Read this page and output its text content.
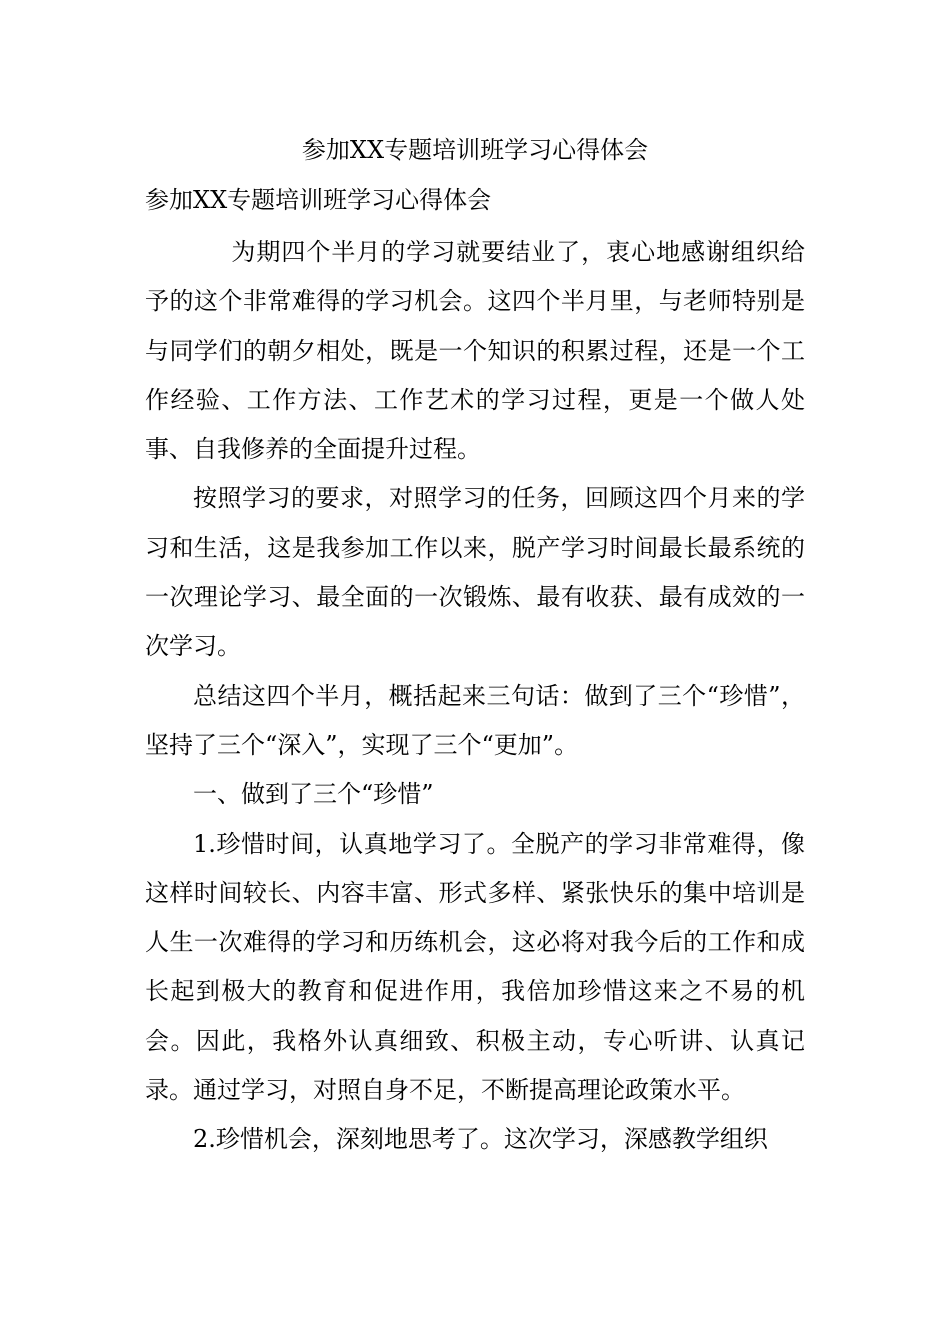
参加XX专题培训班学习心得体会
参加XX专题培训班学习心得体会

为期四个半月的学习就要结业了，衷心地感谢组织给予的这个非常难得的学习机会。这四个半月里，与老师特别是与同学们的朝夕相处，既是一个知识的积累过程，还是一个工作经验、工作方法、工作艺术的学习过程，更是一个做人处事、自我修养的全面提升过程。

按照学习的要求，对照学习的任务，回顾这四个月来的学习和生活，这是我参加工作以来，脱产学习时间最长最系统的一次理论学习、最全面的一次锻炼、最有收获、最有成效的一次学习。

总结这四个半月，概括起来三句话：做到了三个“珍惜”，坚持了三个“深入”，实现了三个“更加”。

一、做到了三个“珍惜”

1.珍惜时间，认真地学习了。全脱产的学习非常难得，像这样时间较长、内容丰富、形式多样、紧张快乐的集中培训是人生一次难得的学习和历练机会，这必将对我今后的工作和成长起到极大的教育和促进作用，我倍加珍惜这来之不易的机会。因此，我格外认真细致、积极主动，专心听讲、认真记录。通过学习，对照自身不足，不断提高理论政策水平。

2.珍惜机会，深刻地思考了。这次学习，深感教学组织
